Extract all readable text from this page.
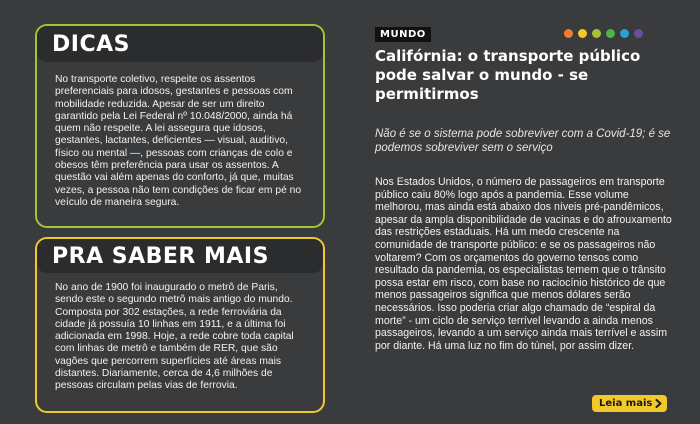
DICAS

No transporte coletivo, respeite os assentos preferenciais para idosos, gestantes e pessoas com mobilidade reduzida. Apesar de ser um direito garantido pela Lei Federal nº 10.048/2000, ainda há quem não respeite. A lei assegura que idosos, gestantes, lactantes, deficientes — visual, auditivo, físico ou mental —, pessoas com crianças de colo e obesos têm preferência para usar os assentos. A questão vai além apenas do conforto, já que, muitas vezes, a pessoa não tem condições de ficar em pé no veículo de maneira segura.

PRA SABER MAIS

No ano de 1900 foi inaugurado o metrô de Paris, sendo este o segundo metrô mais antigo do mundo. Composta por 302 estações, a rede ferroviária da cidade já possuía 10 linhas em 1911, e a última foi adicionada em 1998. Hoje, a rede cobre toda capital com linhas de metrô e também de RER, que são vagões que percorrem superfícies até áreas mais distantes. Diariamente, cerca de 4,6 milhões de pessoas circulam pelas vias de ferrovia.

MUNDO
Califórnia: o transporte público pode salvar o mundo - se permitirmos

Não é se o sistema pode sobreviver com a Covid-19; é se podemos sobreviver sem o serviço

Nos Estados Unidos, o número de passageiros em transporte público caiu 80% logo após a pandemia. Esse volume melhorou, mas ainda está abaixo dos níveis pré-pandêmicos, apesar da ampla disponibilidade de vacinas e do afrouxamento das restrições estaduais. Há um medo crescente na comunidade de transporte público: e se os passageiros não voltarem? Com os orçamentos do governo tensos como resultado da pandemia, os especialistas temem que o trânsito possa estar em risco, com base no raciocínio histórico de que menos passageiros significa que menos dólares serão necessários. Isso poderia criar algo chamado de “espiral da morte” - um ciclo de serviço terrível levando a ainda menos passageiros, levando a um serviço ainda mais terrível e assim por diante. Há uma luz no fim do túnel, por assim dizer.

Leia mais
